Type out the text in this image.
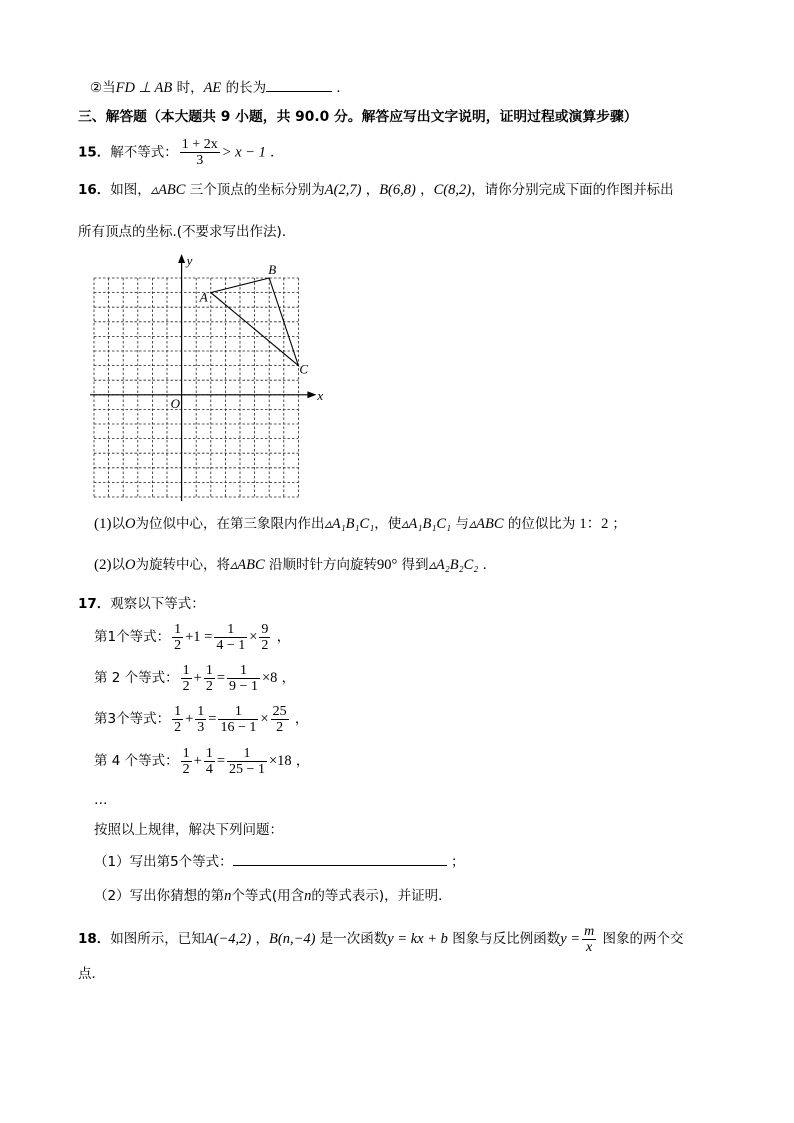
②当FD ⊥ AB 时，AE 的长为	．
三、解答题（本大题共 9 小题，共 90.0 分。解答应写出文字说明，证明过程或演算步骤）
15．解不等式： $\frac{1 + 2x}{3} > x - 1$ ．
16．如图，▵ABC 三个顶点的坐标分别为A(2,7) ，B(6,8) ，C(8,2)，请你分别完成下面的作图并标出
所有顶点的坐标.(不要求写出作法)．
x
y
O
A
B
C
(1)以O为位似中心，在第三象限内作出▵A₁B₁C₁，使▵A₁B₁C₁ 与▵ABC 的位似比为 1：2 ；
(2)以O为旋转中心，将▵ABC 沿顺时针方向旋转90° 得到▵A₂B₂C₂ ．
17．观察以下等式：
第1个等式： $\frac{1}{2} +1 = \frac{1}{4 - 1} \times \frac{9}{2}$ ，
第 2 个等式： $\frac{1}{2} + \frac{1}{2} = \frac{1}{9 - 1} \times 8$ ，
第3个等式： $\frac{1}{2} + \frac{1}{3} = \frac{1}{16 - 1} \times \frac{25}{2}$ ，
第 4 个等式： $\frac{1}{2} + \frac{1}{4} = \frac{1}{25 - 1} \times 18$ ，
…
按照以上规律，解决下列问题：
（1）写出第5个等式：	；
（2）写出你猜想的第n个等式(用含n的等式表示)，并证明．
18．如图所示，已知A(−4,2) ，B(n,−4) 是一次函数y = kx + b 图象与反比例函数$y = \frac{m}{x}$ 图象的两个交
点．
